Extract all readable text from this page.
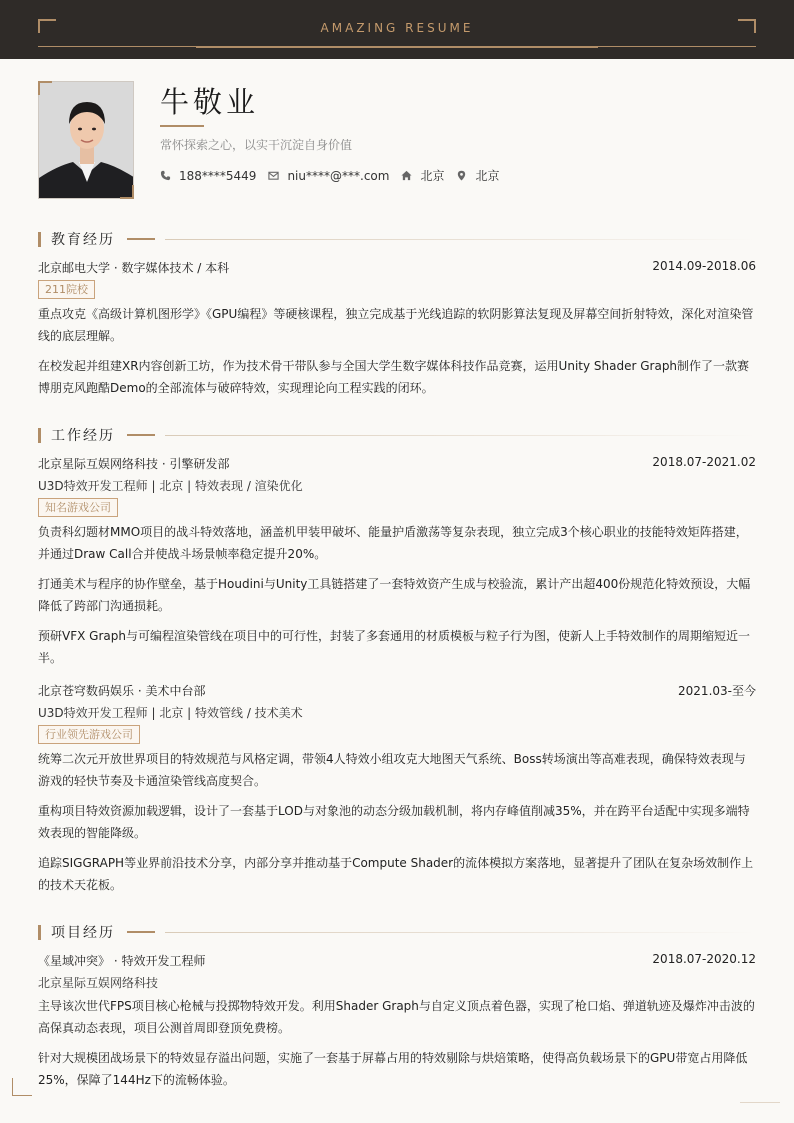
AMAZING RESUME
牛敬业
常怀探索之心，以实干沉淀自身价值
188****5449	niu****@***.com	北京	北京
教育经历
北京邮电大学 · 数字媒体技术 / 本科	2014.09-2018.06
211院校
重点攻克《高级计算机图形学》《GPU编程》等硬核课程，独立完成基于光线追踪的软阴影算法复现及屏幕空间折射特效，深化对渲染管线的底层理解。
在校发起并组建XR内容创新工坊，作为技术骨干带队参与全国大学生数字媒体科技作品竞赛，运用Unity Shader Graph制作了一款赛博朋克风跑酷Demo的全部流体与破碎特效，实现理论向工程实践的闭环。
工作经历
北京星际互娱网络科技 · 引擎研发部	2018.07-2021.02
U3D特效开发工程师 | 北京 | 特效表现 / 渲染优化
知名游戏公司
负责科幻题材MMO项目的战斗特效落地，涵盖机甲装甲破坏、能量护盾激荡等复杂表现，独立完成3个核心职业的技能特效矩阵搭建，并通过Draw Call合并使战斗场景帧率稳定提升20%。
打通美术与程序的协作壁垒，基于Houdini与Unity工具链搭建了一套特效资产生成与校验流，累计产出超400份规范化特效预设，大幅降低了跨部门沟通损耗。
预研VFX Graph与可编程渲染管线在项目中的可行性，封装了多套通用的材质模板与粒子行为图，使新人上手特效制作的周期缩短近一半。
北京苍穹数码娱乐 · 美术中台部	2021.03-至今
U3D特效开发工程师 | 北京 | 特效管线 / 技术美术
行业领先游戏公司
统筹二次元开放世界项目的特效规范与风格定调，带领4人特效小组攻克大地图天气系统、Boss转场演出等高难表现，确保特效表现与游戏的轻快节奏及卡通渲染管线高度契合。
重构项目特效资源加载逻辑，设计了一套基于LOD与对象池的动态分级加载机制，将内存峰值削减35%，并在跨平台适配中实现多端特效表现的智能降级。
追踪SIGGRAPH等业界前沿技术分享，内部分享并推动基于Compute Shader的流体模拟方案落地，显著提升了团队在复杂场效制作上的技术天花板。
项目经历
《星域冲突》 · 特效开发工程师	2018.07-2020.12
北京星际互娱网络科技
主导该次世代FPS项目核心枪械与投掷物特效开发。利用Shader Graph与自定义顶点着色器，实现了枪口焰、弹道轨迹及爆炸冲击波的高保真动态表现，项目公测首周即登顶免费榜。
针对大规模团战场景下的特效显存溢出问题，实施了一套基于屏幕占用的特效剔除与烘焙策略，使得高负载场景下的GPU带宽占用降低25%，保障了144Hz下的流畅体验。
